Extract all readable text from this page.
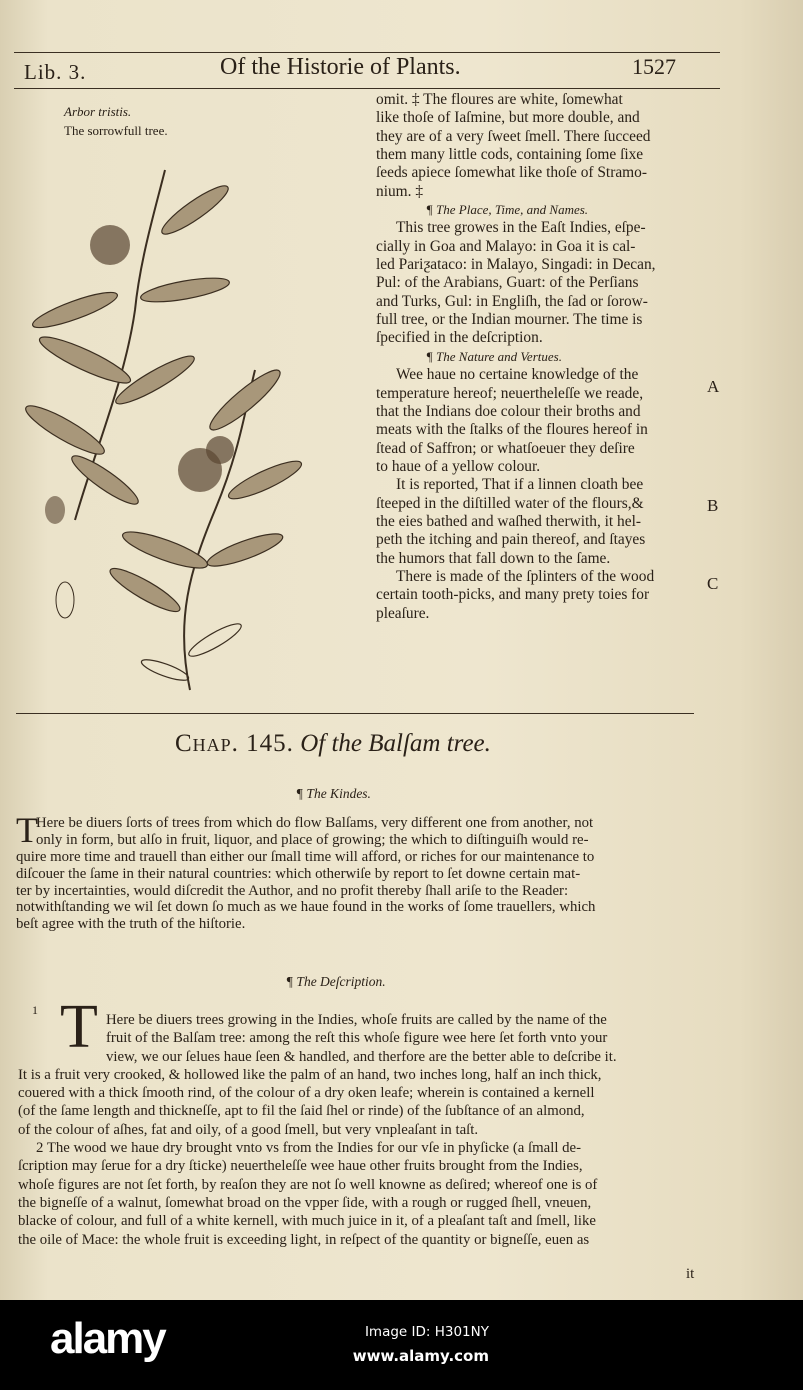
Lib. 3.	Of the Historie of Plants.	1527
Arbor tristis.
The sorrowfull tree.
omit. ‡ The floures are white, ſomewhat
like thoſe of Iaſmine, but more double, and
they are of a very ſweet ſmell. There ſucceed
them many little cods, containing ſome ſixe
ſeeds apiece ſomewhat like thoſe of Stramo-
nium. ‡
¶ The Place, Time, and Names.
This tree growes in the Eaſt Indies, eſpe-
cially in Goa and Malayo: in Goa it is cal-
led Pariƺataco: in Malayo, Singadi: in Decan,
Pul: of the Arabians, Guart: of the Perſians
and Turks, Gul: in Engliſh, the ſad or ſorow-
full tree, or the Indian mourner. The time is
ſpecified in the deſcription.
¶ The Nature and Vertues.
Wee haue no certaine knowledge of the
temperature hereof; neuertheleſſe we reade,
that the Indians doe colour their broths and
meats with the ſtalks of the floures hereof in
ſtead of Saffron; or whatſoeuer they deſire
to haue of a yellow colour.
It is reported, That if a linnen cloath bee
ſteeped in the diſtilled water of the flours,&
the eies bathed and waſhed therwith, it hel-
peth the itching and pain thereof, and ſtayes
the humors that fall down to the ſame.
There is made of the ſplinters of the wood
certain tooth-picks, and many prety toies for
pleaſure.
A
B
C
Chap. 145. Of the Balſam tree.
¶ The Kindes.
T
Here be diuers ſorts of trees from which do flow Balſams, very different one from another, not
only in form, but alſo in fruit, liquor, and place of growing; the which to diſtinguiſh would re-
quire more time and trauell than either our ſmall time will afford, or riches for our maintenance to
diſcouer the ſame in their natural countries: which otherwiſe by report to ſet downe certain mat-
ter by incertainties, would diſcredit the Author, and no profit thereby ſhall ariſe to the Reader:
notwithſtanding we wil ſet down ſo much as we haue found in the works of ſome trauellers, which
beſt agree with the truth of the hiſtorie.
¶ The Deſcription.
1 T Here be diuers trees growing in the Indies, whoſe fruits are called by the name of the
fruit of the Balſam tree: among the reſt this whoſe figure wee here ſet forth vnto your
view, we our ſelues haue ſeen & handled, and therfore are the better able to deſcribe it.
It is a fruit very crooked, & hollowed like the palm of an hand, two inches long, half an inch thick,
couered with a thick ſmooth rind, of the colour of a dry oken leafe; wherein is contained a kernell
(of the ſame length and thickneſſe, apt to fil the ſaid ſhel or rinde) of the ſubſtance of an almond,
of the colour of aſhes, fat and oily, of a good ſmell, but very vnpleaſant in taſt.
2 The wood we haue dry brought vnto vs from the Indies for our vſe in phyſicke (a ſmall de-
ſcription may ſerue for a dry ſticke) neuertheleſſe wee haue other fruits brought from the Indies,
whoſe figures are not ſet forth, by reaſon they are not ſo well knowne as deſired; whereof one is of
the bigneſſe of a walnut, ſomewhat broad on the vpper ſide, with a rough or rugged ſhell, vneuen,
blacke of colour, and full of a white kernell, with much juice in it, of a pleaſant taſt and ſmell, like
the oile of Mace: the whole fruit is exceeding light, in reſpect of the quantity or bigneſſe, euen as
it
alamy	Image ID: H301NY
www.alamy.com
